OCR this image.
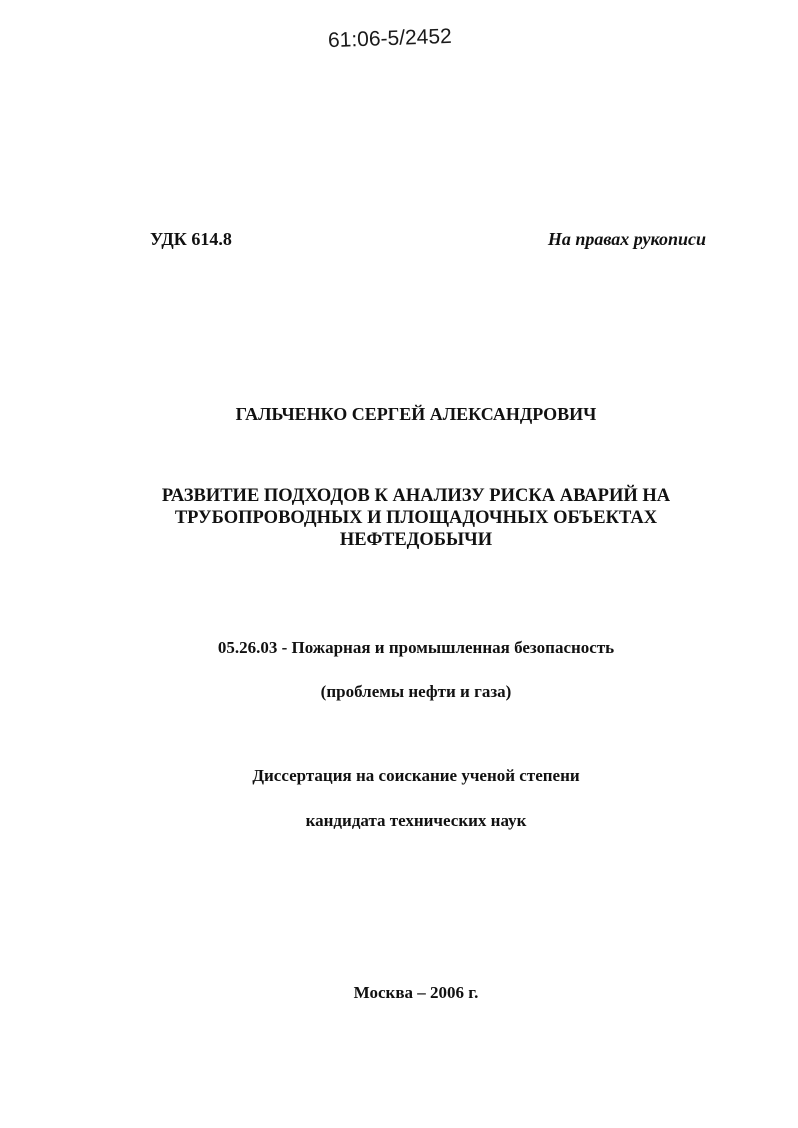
61:06-5/2452
УДК 614.8	На правах рукописи
ГАЛЬЧЕНКО СЕРГЕЙ АЛЕКСАНДРОВИЧ
РАЗВИТИЕ ПОДХОДОВ К АНАЛИЗУ РИСКА АВАРИЙ НА
ТРУБОПРОВОДНЫХ И ПЛОЩАДОЧНЫХ ОБЪЕКТАХ
НЕФТЕДОБЫЧИ
05.26.03 - Пожарная и промышленная безопасность
(проблемы нефти и газа)
Диссертация на соискание ученой степени
кандидата технических наук
Москва – 2006 г.
